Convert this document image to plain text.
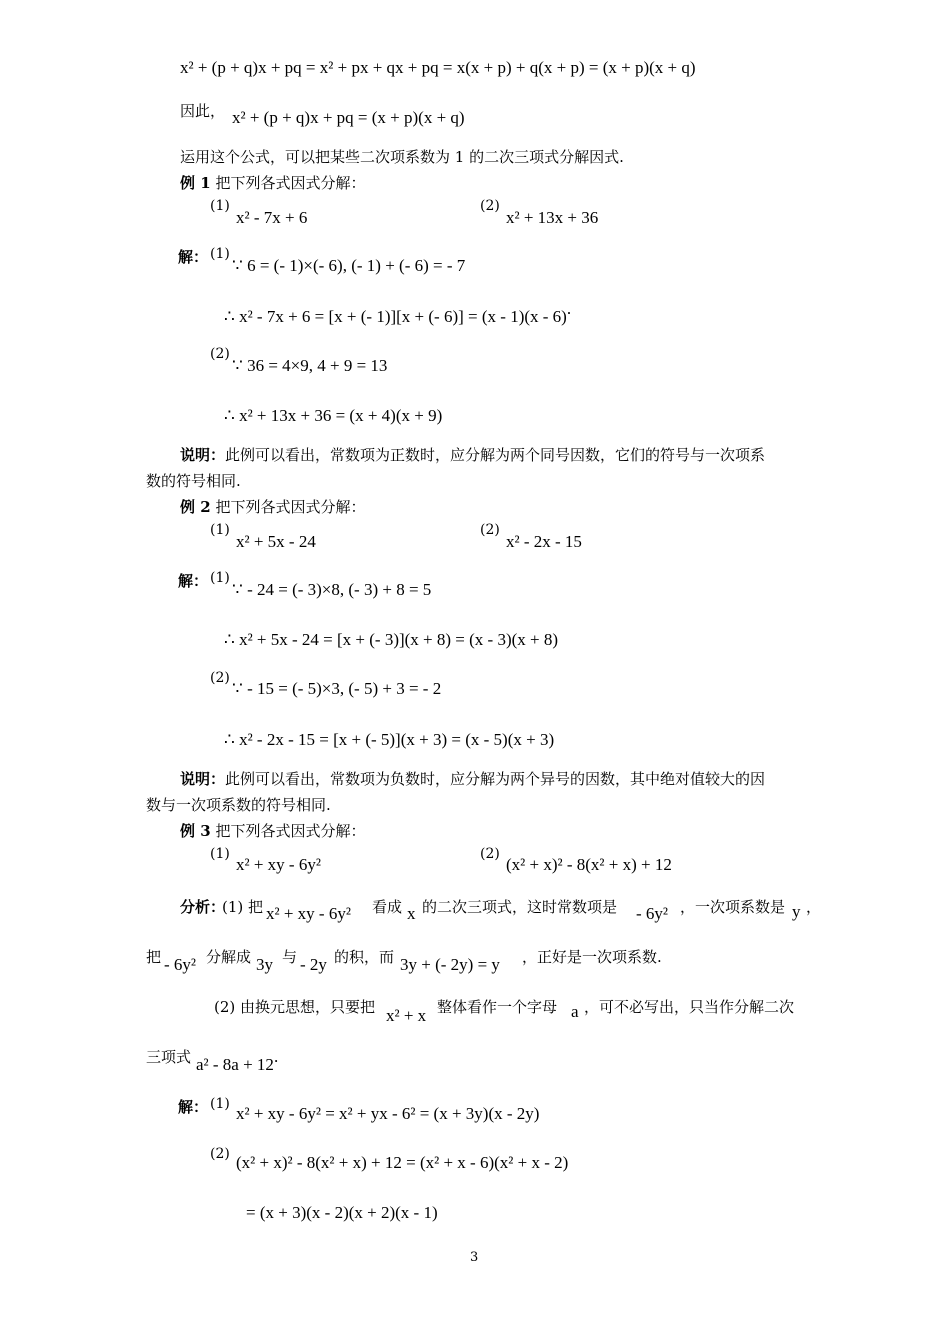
x² + (p + q)x + pq = x² + px + qx + pq = x(x + p) + q(x + p) = (x + p)(x + q)
因此， x² + (p + q)x + pq = (x + p)(x + q)
运用这个公式，可以把某些二次项系数为 1 的二次三项式分解因式.
例 1 把下列各式因式分解：
(1)
x² - 7x + 6
(2)
x² + 13x + 36
解： (1)
∵ 6 = (- 1)×(- 6), (- 1) + (- 6) = - 7
∴ x² - 7x + 6 = [x + (- 1)][x + (- 6)] = (x - 1)(x - 6).
(2)
∵ 36 = 4×9, 4 + 9 = 13
∴ x² + 13x + 36 = (x + 4)(x + 9)
说明：此例可以看出，常数项为正数时，应分解为两个同号因数，它们的符号与一次项系
数的符号相同.
例 2 把下列各式因式分解：
(1)
x² + 5x - 24
(2)
x² - 2x - 15
解： (1)
∵ - 24 = (- 3)×8, (- 3) + 8 = 5
∴ x² + 5x - 24 = [x + (- 3)](x + 8) = (x - 3)(x + 8)
(2)
∵ - 15 = (- 5)×3, (- 5) + 3 = - 2
∴ x² - 2x - 15 = [x + (- 5)](x + 3) = (x - 5)(x + 3)
说明：此例可以看出，常数项为负数时，应分解为两个异号的因数，其中绝对值较大的因
数与一次项系数的符号相同.
例 3 把下列各式因式分解：
(1)
x² + xy - 6y²
(2)
(x² + x)² - 8(x² + x) + 12
分析：
(1) 把 x² + xy - 6y² 看成 x 的二次三项式，这时常数项是 - 6y² ，一次项系数是 y ，
把 - 6y² 分解成 3y 与 - 2y 的积，而 3y + (- 2y) = y ，正好是一次项系数.
(2) 由换元思想，只要把 x² + x 整体看作一个字母 a ，可不必写出，只当作分解二次
三项式 a² - 8a + 12.
解： (1) x² + xy - 6y² = x² + yx - 6² = (x + 3y)(x - 2y)
(2) (x² + x)² - 8(x² + x) + 12 = (x² + x - 6)(x² + x - 2)
= (x + 3)(x - 2)(x + 2)(x - 1)
3
